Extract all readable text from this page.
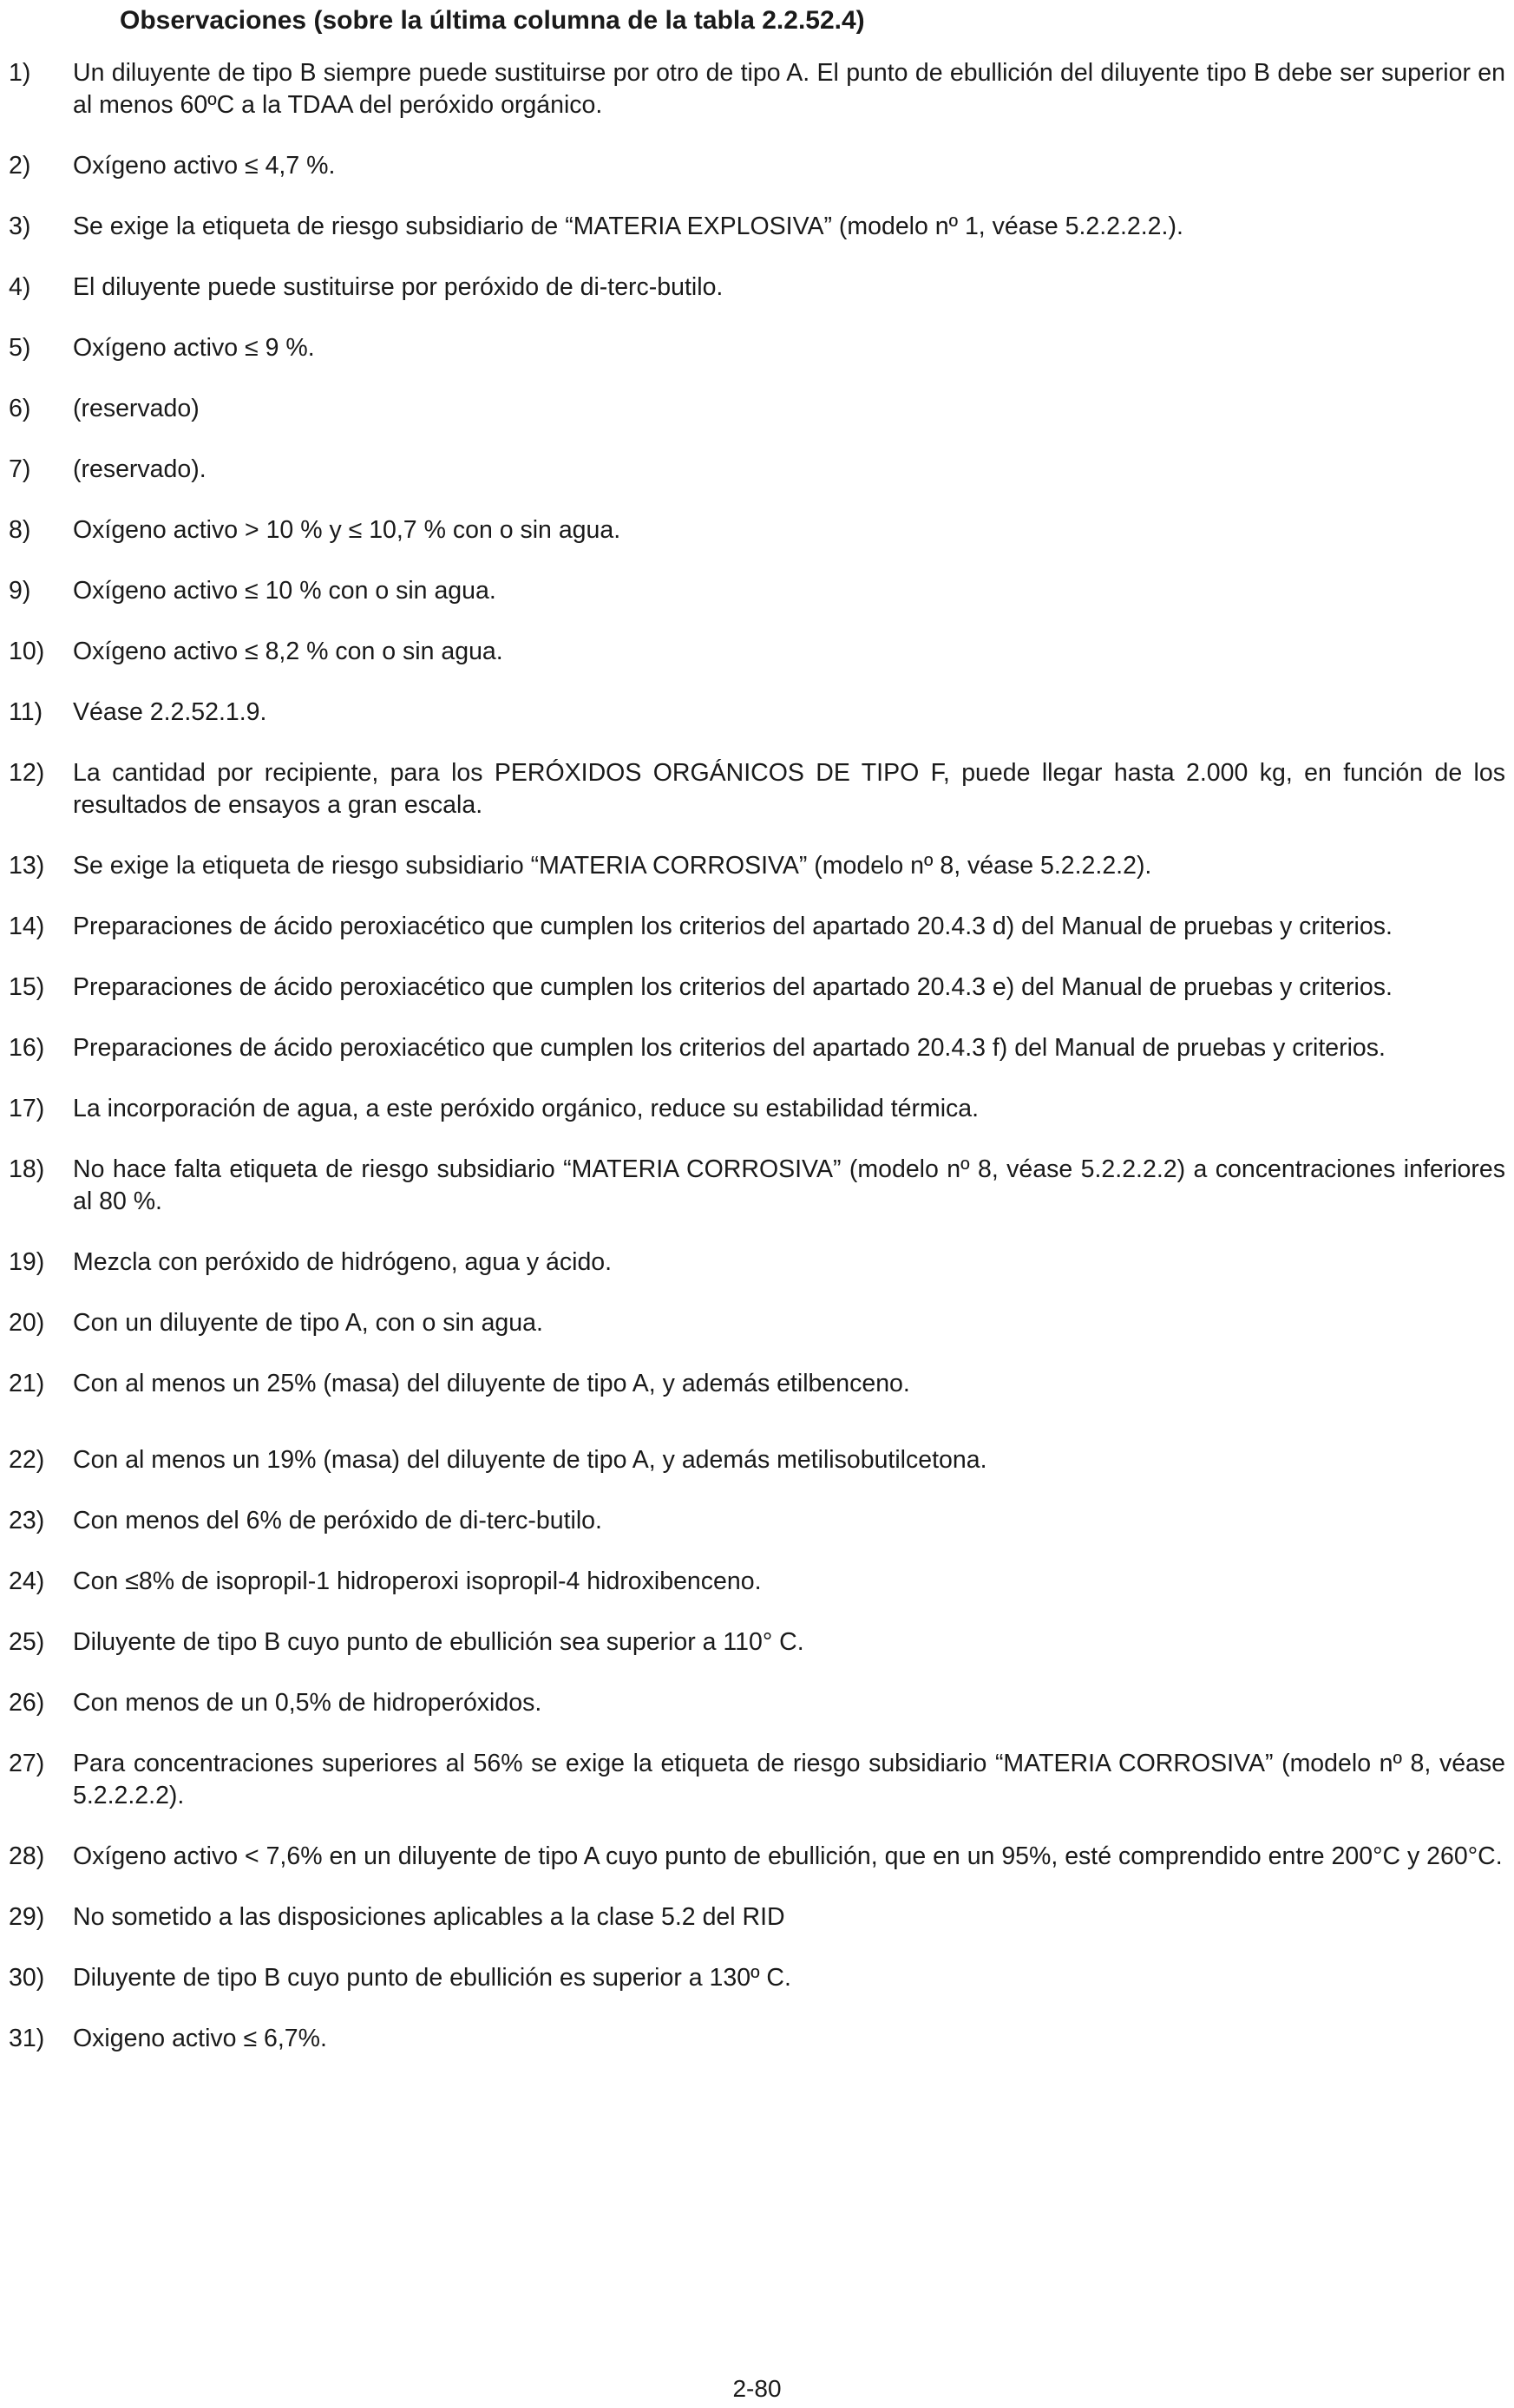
Observaciones (sobre la última columna de la tabla 2.2.52.4)
1)	Un diluyente de tipo B siempre puede sustituirse por otro de tipo A. El punto de ebullición del diluyente tipo B debe ser superior en al menos 60ºC a la TDAA del peróxido orgánico.
2)	Oxígeno activo ≤ 4,7 %.
3)	Se exige la etiqueta de riesgo subsidiario de “MATERIA EXPLOSIVA” (modelo nº 1, véase 5.2.2.2.2.).
4)	El diluyente puede sustituirse por peróxido de di-terc-butilo.
5)	Oxígeno activo ≤ 9 %.
6)	(reservado)
7)	(reservado).
8)	Oxígeno activo > 10 % y ≤ 10,7 % con o sin agua.
9)	Oxígeno activo ≤ 10 % con o sin agua.
10)	Oxígeno activo ≤ 8,2 % con o sin agua.
11)	Véase 2.2.52.1.9.
12)	La cantidad por recipiente, para los PERÓXIDOS ORGÁNICOS DE TIPO F, puede llegar hasta 2.000 kg, en función de los resultados de ensayos a gran escala.
13)	Se exige la etiqueta de riesgo subsidiario “MATERIA CORROSIVA” (modelo nº 8, véase 5.2.2.2.2).
14)	Preparaciones de ácido peroxiacético que cumplen los criterios del apartado 20.4.3 d) del Manual de pruebas y criterios.
15)	Preparaciones de ácido peroxiacético que cumplen los criterios del apartado 20.4.3 e) del Manual de pruebas y criterios.
16)	Preparaciones de ácido peroxiacético que cumplen los criterios del apartado 20.4.3 f) del Manual de pruebas y criterios.
17)	La incorporación de agua, a este peróxido orgánico, reduce su estabilidad térmica.
18)	No hace falta etiqueta de riesgo subsidiario “MATERIA CORROSIVA” (modelo nº 8, véase 5.2.2.2.2) a concentraciones inferiores al 80 %.
19)	Mezcla con peróxido de hidrógeno, agua y ácido.
20)	Con un diluyente de tipo A, con o sin agua.
21)	Con al menos un 25% (masa) del diluyente de tipo A, y además etilbenceno.
22)	Con al menos un 19% (masa) del diluyente de tipo A, y además metilisobutilcetona.
23)	Con menos del 6% de peróxido de di-terc-butilo.
24)	Con ≤8% de isopropil-1 hidroperoxi isopropil-4 hidroxibenceno.
25)	Diluyente de tipo B cuyo punto de ebullición sea superior a 110° C.
26)	Con menos de un 0,5% de hidroperóxidos.
27)	Para concentraciones superiores al 56% se exige la etiqueta de riesgo subsidiario “MATERIA CORROSIVA” (modelo nº 8, véase 5.2.2.2.2).
28)	Oxígeno activo < 7,6% en un diluyente de tipo A cuyo punto de ebullición, que en un 95%, esté comprendido entre 200°C y 260°C.
29)	No sometido a las disposiciones aplicables a la clase 5.2 del RID
30)	Diluyente de tipo B cuyo punto de ebullición es superior a 130º C.
31)	Oxigeno activo ≤ 6,7%.
2-80
